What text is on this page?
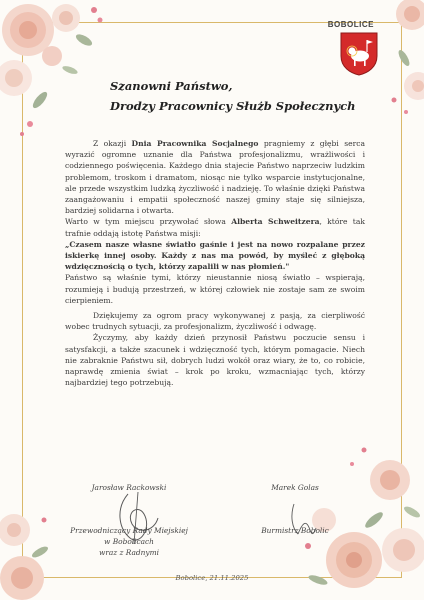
BOBOLICE
Szanowni Państwo,
Drodzy Pracownicy Służb Społecznych

Z okazji Dnia Pracownika Socjalnego pragniemy z głębi serca wyrazić ogromne uznanie dla Państwa profesjonalizmu, wrażliwości i codziennego poświęcenia. Każdego dnia stajecie Państwo naprzeciw ludzkim problemom, troskom i dramatom, niosąc nie tylko wsparcie instytucjonalne, ale przede wszystkim ludzką życzliwość i nadzieję. To właśnie dzięki Państwa zaangażowaniu i empatii społeczność naszej gminy staje się silniejsza, bardziej solidarna i otwarta.

Warto w tym miejscu przywołać słowa Alberta Schweitzera, które tak trafnie oddają istotę Państwa misji:

„Czasem nasze własne światło gaśnie i jest na nowo rozpalane przez iskierkę innej osoby. Każdy z nas ma powód, by myśleć z głęboką wdzięcznością o tych, którzy zapalili w nas płomień."

Państwo są właśnie tymi, którzy nieustannie niosą światło – wspierają, rozumieją i budują przestrzeń, w której człowiek nie zostaje sam ze swoim cierpieniem.

Dziękujemy za ogrom pracy wykonywanej z pasją, za cierpliwość wobec trudnych sytuacji, za profesjonalizm, życzliwość i odwagę.

Życzymy, aby każdy dzień przynosił Państwu poczucie sensu i satysfakcji, a także szacunek i wdzięczność tych, którym pomagacie. Niech nie zabraknie Państwu sił, dobrych ludzi wokół oraz wiary, że to, co robicie, naprawdę zmienia świat – krok po kroku, wzmacniając tych, którzy najbardziej tego potrzebują.

Jarosław Rackowski
Przewodniczący Rady Miejskiej
w Bobolicach
wraz z Radnymi
Marek Golas
Burmistrz Bobolic
Bobolice, 21.11.2025
